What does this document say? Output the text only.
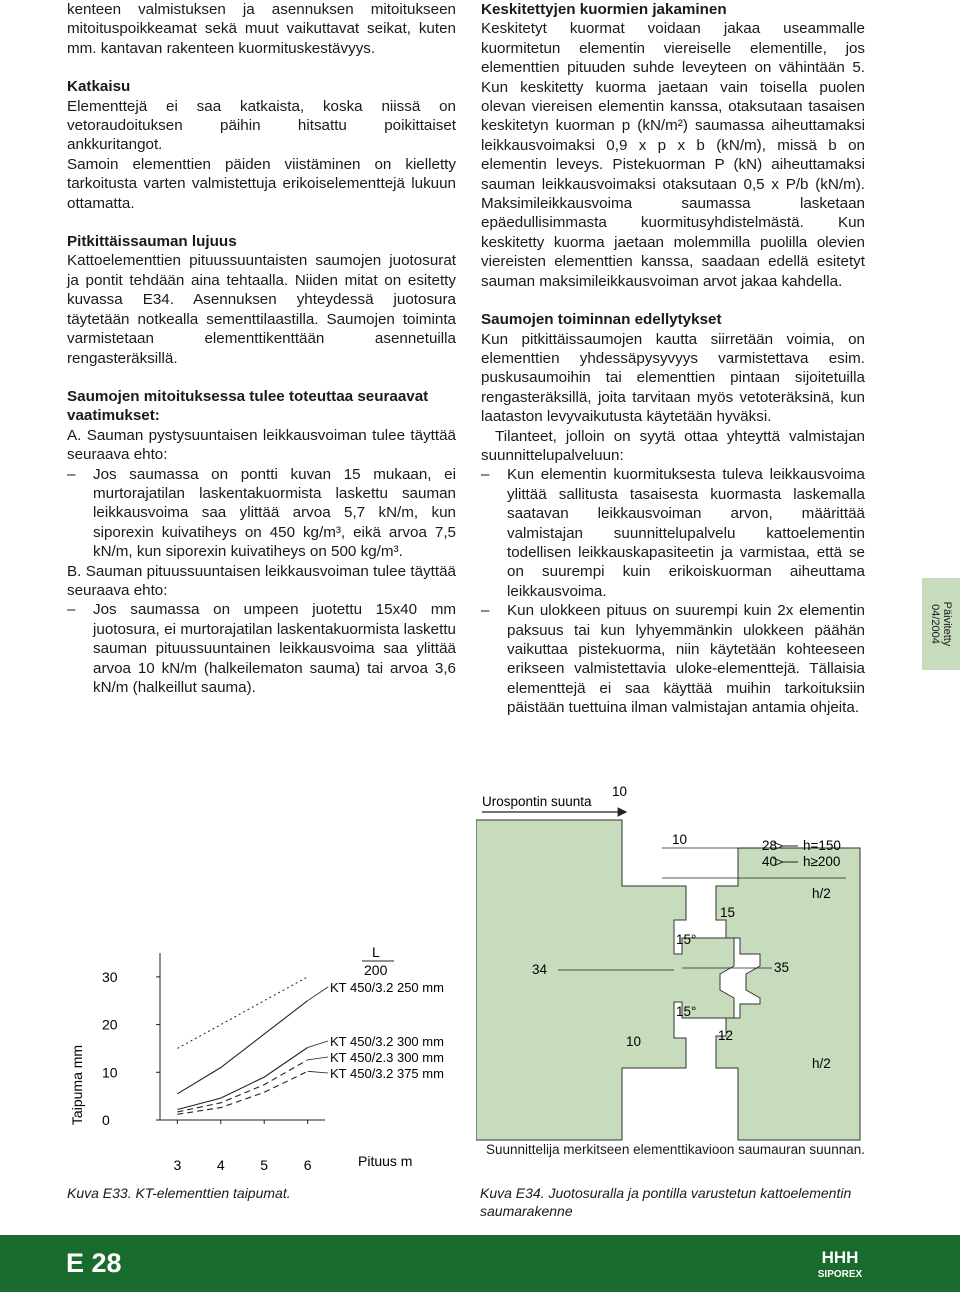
kenteen valmistuksen ja asennuksen mitoitukseen mitoituspoikkeamat sekä muut vaikuttavat seikat, kuten mm. kantavan rakenteen kuormituskestävyys.

Katkaisu

Elementtejä ei saa katkaista, koska niissä on vetoraudoituksen päihin hitsattu poikittaiset ankkuritangot.

Samoin elementtien päiden viistäminen on kielletty tarkoitusta varten valmistettuja erikoiselementtejä lukuun ottamatta.

Pitkittäissauman lujuus

Kattoelementtien pituussuuntaisten saumojen juotosurat ja pontit tehdään aina tehtaalla. Niiden mitat on esitetty kuvassa E34. Asennuksen yhteydessä juotosura täytetään notkealla sementtilaastilla. Saumojen toiminta varmistetaan elementtikenttään asennetuilla rengasteräksillä.

Saumojen mitoituksessa tulee toteuttaa seuraavat vaatimukset:

A. Sauman pystysuuntaisen leikkausvoiman tulee täyttää seuraava ehto:

– Jos saumassa on pontti kuvan 15 mukaan, ei murtorajatilan laskentakuormista laskettu sauman leikkausvoima saa ylittää arvoa 5,7 kN/m, kun siporexin kuivatiheys on 450 kg/m³, eikä arvoa 7,5 kN/m, kun siporexin kuivatiheys on 500 kg/m³.

B. Sauman pituussuuntaisen leikkausvoiman tulee täyttää seuraava ehto:

– Jos saumassa on umpeen juotettu 15x40 mm juotosura, ei murtorajatilan laskentakuormista laskettu sauman pituussuuntainen leikkausvoima saa ylittää arvoa 10 kN/m (halkeilematon sauma) tai arvoa 3,6 kN/m (halkeillut sauma).

Keskitettyjen kuormien jakaminen

Keskitetyt kuormat voidaan jakaa useammalle kuormitetun elementin viereiselle elementille, jos elementtien pituuden suhde leveyteen on vähintään 5. Kun keskitetty kuorma jaetaan vain toisella puolen olevan viereisen elementin kanssa, otaksutaan tasaisen keskitetyn kuorman p (kN/m²) saumassa aiheuttamaksi leikkausvoimaksi 0,9 x p x b (kN/m), missä b on elementin leveys. Pistekuorman P (kN) aiheuttamaksi sauman leikkausvoimaksi otaksutaan 0,5 x P/b (kN/m). Maksimileikkausvoima saumassa lasketaan epäedullisimmasta kuormitusyhdistelmästä. Kun keskitetty kuorma jaetaan molemmilla puolilla olevien viereisten elementtien kanssa, saadaan edellä esitetyt sauman maksimileikkausvoiman arvot jakaa kahdella.

Saumojen toiminnan edellytykset

Kun pitkittäissaumojen kautta siirretään voimia, on elementtien yhdessäpysyvyys varmistettava esim. puskusaumoihin tai elementtien pintaan sijoitetuilla rengasteräksillä, joita tarvitaan myös vetoteräksinä, kun laataston levyvaikutusta käytetään hyväksi.

Tilanteet, jolloin on syytä ottaa yhteyttä valmistajan suunnittelupalveluun:

– Kun elementin kuormituksesta tuleva leikkausvoima ylittää sallitusta tasaisesta kuormasta laskemalla saatavan leikkausvoiman arvon, määrittää valmistajan suunnittelupalvelu kattoelementin todellisen leikkauskapasiteetin ja varmistaa, että se on suurempi kuin erikoiskuorman aiheuttama leikkausvoima.

– Kun ulokkeen pituus on suurempi kuin 2x elementin paksuus tai kun lyhyemmänkin ulokkeen päähän vaikuttaa pistekuorma, niin käytetään kohteeseen erikseen valmistettavia uloke-elementtejä. Tällaisia elementtejä ei saa käyttää muihin tarkoituksiin päistään tuettuina ilman valmistajan antamia ohjeita.

Päivitetty
04/2004
0
10
20
30
3	4	5	6
Taipuma mm
Pituus m
KT 450/3.2 250 mm
KT 450/3.2 300 mm
KT 450/2.3 300 mm
KT 450/3.2 375 mm
L
200
Urospontin suunta
10
10	28
40
h=150
h≥200
h/2
15
15°
34	35
15°
10	12
h/2
Suunnittelija merkitseen elementtikavioon saumauran suunnan.
Kuva E33. KT-elementtien taipumat.	Kuva E34. Juotosuralla ja pontilla varustetun kattoelementin saumarakenne
E 28	HHH
SIPOREX
